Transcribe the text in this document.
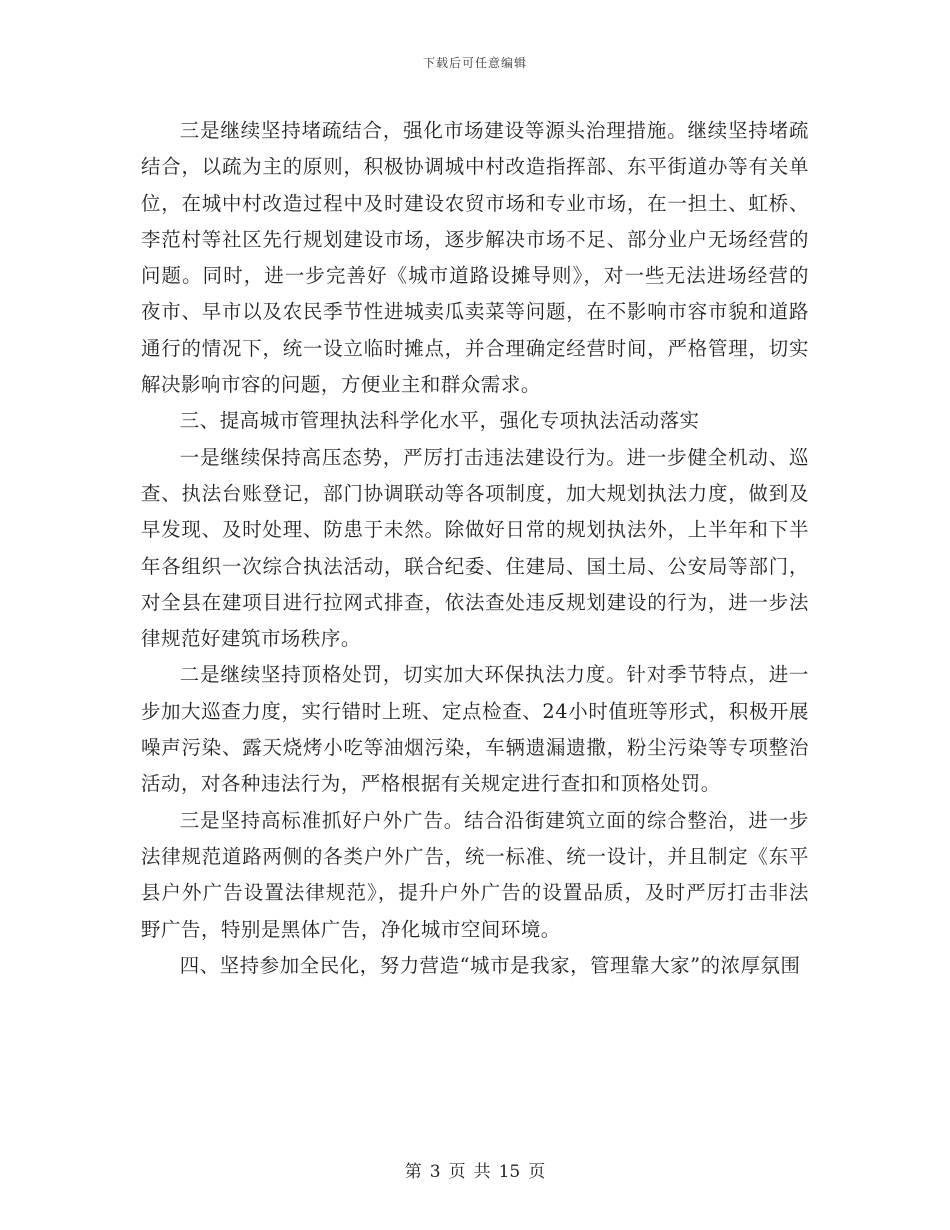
下载后可任意编辑

三是继续坚持堵疏结合，强化市场建设等源头治理措施。继续坚持堵疏结合，以疏为主的原则，积极协调城中村改造指挥部、东平街道办等有关单位，在城中村改造过程中及时建设农贸市场和专业市场，在一担土、虹桥、李范村等社区先行规划建设市场，逐步解决市场不足、部分业户无场经营的问题。同时，进一步完善好《城市道路设摊导则》，对一些无法进场经营的夜市、早市以及农民季节性进城卖瓜卖菜等问题，在不影响市容市貌和道路通行的情况下，统一设立临时摊点，并合理确定经营时间，严格管理，切实解决影响市容的问题，方便业主和群众需求。

三、提高城市管理执法科学化水平，强化专项执法活动落实

一是继续保持高压态势，严厉打击违法建设行为。进一步健全机动、巡查、执法台账登记，部门协调联动等各项制度，加大规划执法力度，做到及早发现、及时处理、防患于未然。除做好日常的规划执法外，上半年和下半年各组织一次综合执法活动，联合纪委、住建局、国土局、公安局等部门，对全县在建项目进行拉网式排查，依法查处违反规划建设的行为，进一步法律规范好建筑市场秩序。

二是继续坚持顶格处罚，切实加大环保执法力度。针对季节特点，进一步加大巡查力度，实行错时上班、定点检查、24小时值班等形式，积极开展噪声污染、露天烧烤小吃等油烟污染，车辆遗漏遗撒，粉尘污染等专项整治活动，对各种违法行为，严格根据有关规定进行查扣和顶格处罚。

三是坚持高标准抓好户外广告。结合沿街建筑立面的综合整治，进一步法律规范道路两侧的各类户外广告，统一标准、统一设计，并且制定《东平县户外广告设置法律规范》，提升户外广告的设置品质，及时严厉打击非法野广告，特别是黑体广告，净化城市空间环境。

四、坚持参加全民化，努力营造“城市是我家，管理靠大家”的浓厚氛围

第 3 页 共 15 页
